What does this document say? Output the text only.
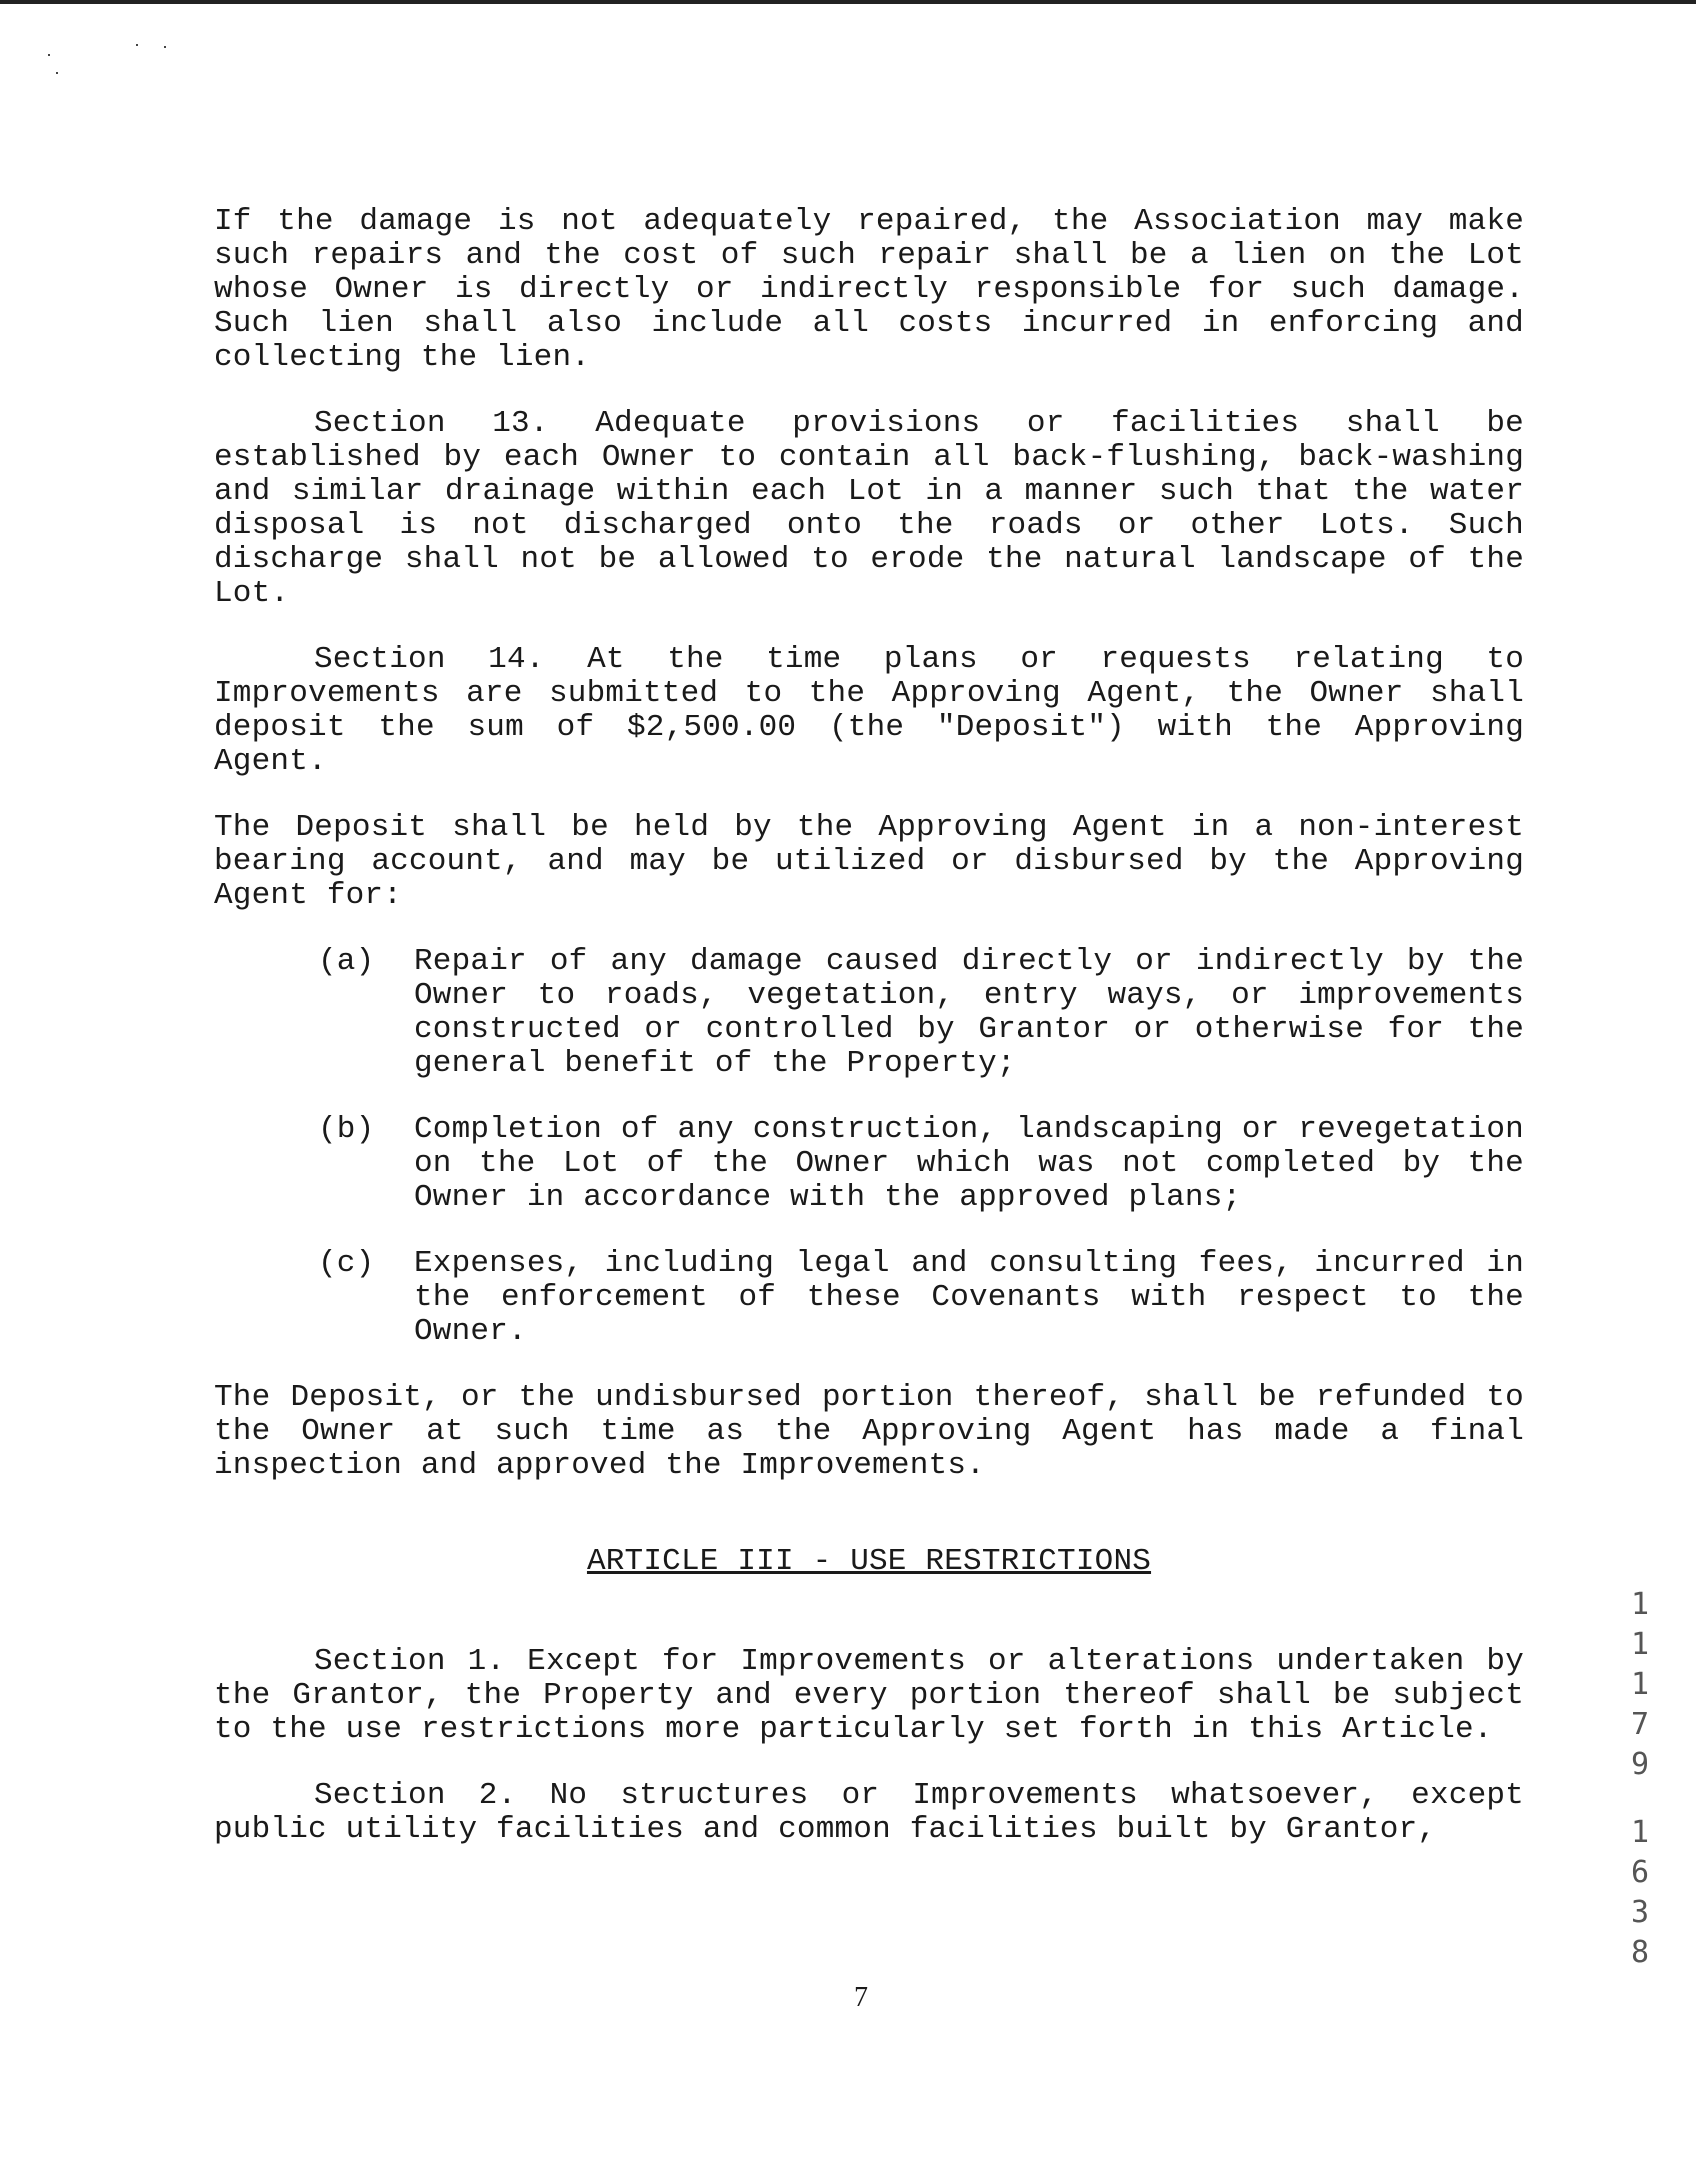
If the damage is not adequately repaired, the Association may make such repairs and the cost of such repair shall be a lien on the Lot whose Owner is directly or indirectly responsible for such damage. Such lien shall also include all costs incurred in enforcing and collecting the lien.

Section 13. Adequate provisions or facilities shall be established by each Owner to contain all back-flushing, back-washing and similar drainage within each Lot in a manner such that the water disposal is not discharged onto the roads or other Lots. Such discharge shall not be allowed to erode the natural landscape of the Lot.

Section 14. At the time plans or requests relating to Improvements are submitted to the Approving Agent, the Owner shall deposit the sum of $2,500.00 (the "Deposit") with the Approving Agent.

The Deposit shall be held by the Approving Agent in a non-interest bearing account, and may be utilized or disbursed by the Approving Agent for:

(a)	Repair of any damage caused directly or indirectly by the Owner to roads, vegetation, entry ways, or improvements constructed or controlled by Grantor or otherwise for the general benefit of the Property;
(b)	Completion of any construction, landscaping or revegetation on the Lot of the Owner which was not completed by the Owner in accordance with the approved plans;
(c)	Expenses, including legal and consulting fees, incurred in the enforcement of these Covenants with respect to the Owner.

The Deposit, or the undisbursed portion thereof, shall be refunded to the Owner at such time as the Approving Agent has made a final inspection and approved the Improvements.

ARTICLE III - USE RESTRICTIONS

Section 1. Except for Improvements or alterations undertaken by the Grantor, the Property and every portion thereof shall be subject to the use restrictions more particularly set forth in this Article.

Section 2. No structures or Improvements whatsoever, except public utility facilities and common facilities built by Grantor,

7
1
1
1
7
9
1
6
3
8
